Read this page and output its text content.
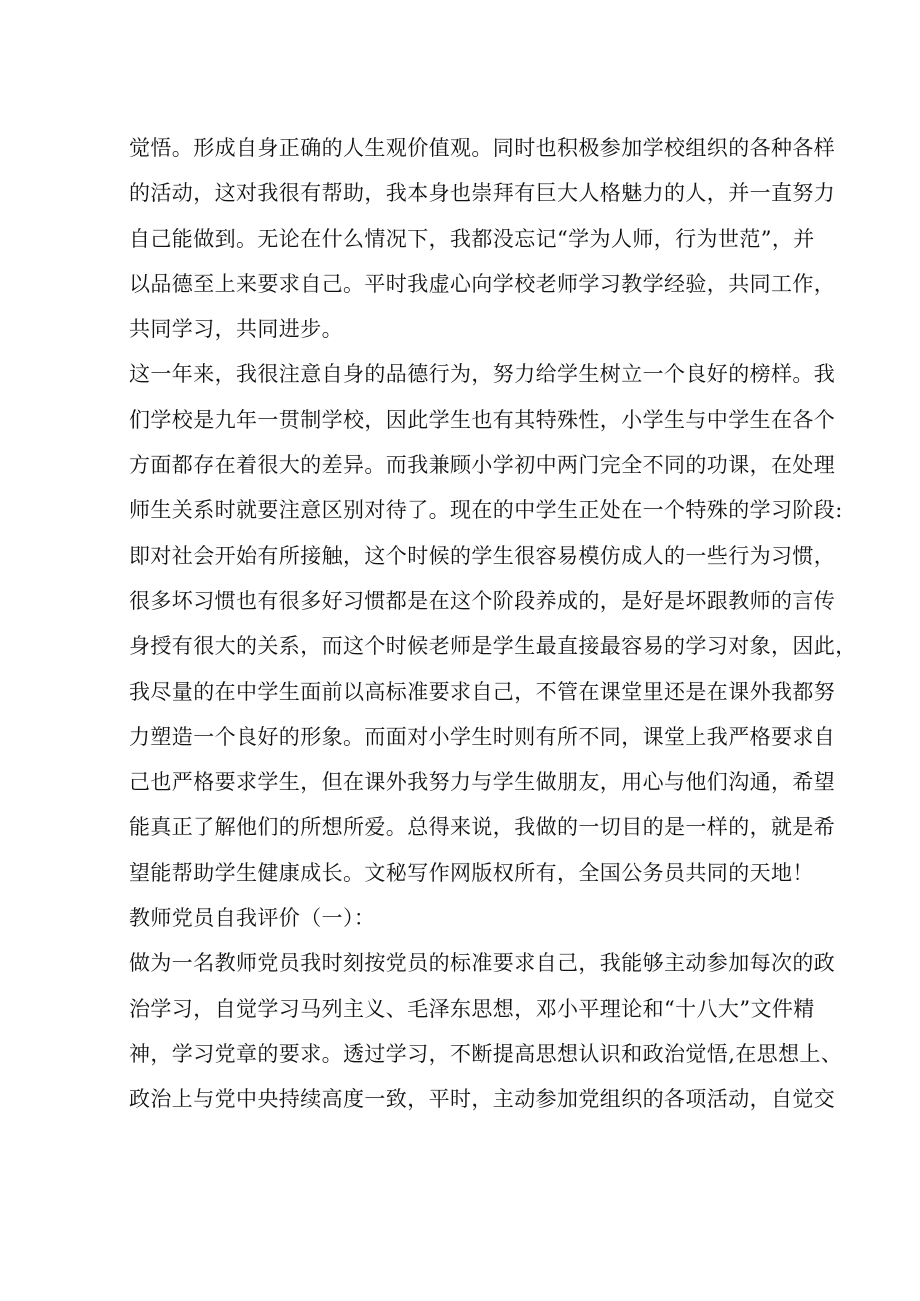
觉悟。形成自身正确的人生观价值观。同时也积极参加学校组织的各种各样
的活动，这对我很有帮助，我本身也崇拜有巨大人格魅力的人，并一直努力
自己能做到。无论在什么情况下，我都没忘记“学为人师，行为世范”，并
以品德至上来要求自己。平时我虚心向学校老师学习教学经验，共同工作，
共同学习，共同进步。
这一年来，我很注意自身的品德行为，努力给学生树立一个良好的榜样。我
们学校是九年一贯制学校，因此学生也有其特殊性，小学生与中学生在各个
方面都存在着很大的差异。而我兼顾小学初中两门完全不同的功课，在处理
师生关系时就要注意区别对待了。现在的中学生正处在一个特殊的学习阶段:
即对社会开始有所接触，这个时候的学生很容易模仿成人的一些行为习惯，
很多坏习惯也有很多好习惯都是在这个阶段养成的，是好是坏跟教师的言传
身授有很大的关系，而这个时候老师是学生最直接最容易的学习对象，因此，
我尽量的在中学生面前以高标准要求自己，不管在课堂里还是在课外我都努
力塑造一个良好的形象。而面对小学生时则有所不同，课堂上我严格要求自
己也严格要求学生，但在课外我努力与学生做朋友，用心与他们沟通，希望
能真正了解他们的所想所爱。总得来说，我做的一切目的是一样的，就是希
望能帮助学生健康成长。文秘写作网版权所有，全国公务员共同的天地！
教师党员自我评价（一）：
做为一名教师党员我时刻按党员的标准要求自己，我能够主动参加每次的政
治学习，自觉学习马列主义、毛泽东思想，邓小平理论和“十八大”文件精
神，学习党章的要求。透过学习，不断提高思想认识和政治觉悟,在思想上、
政治上与党中央持续高度一致，平时，主动参加党组织的各项活动，自觉交
